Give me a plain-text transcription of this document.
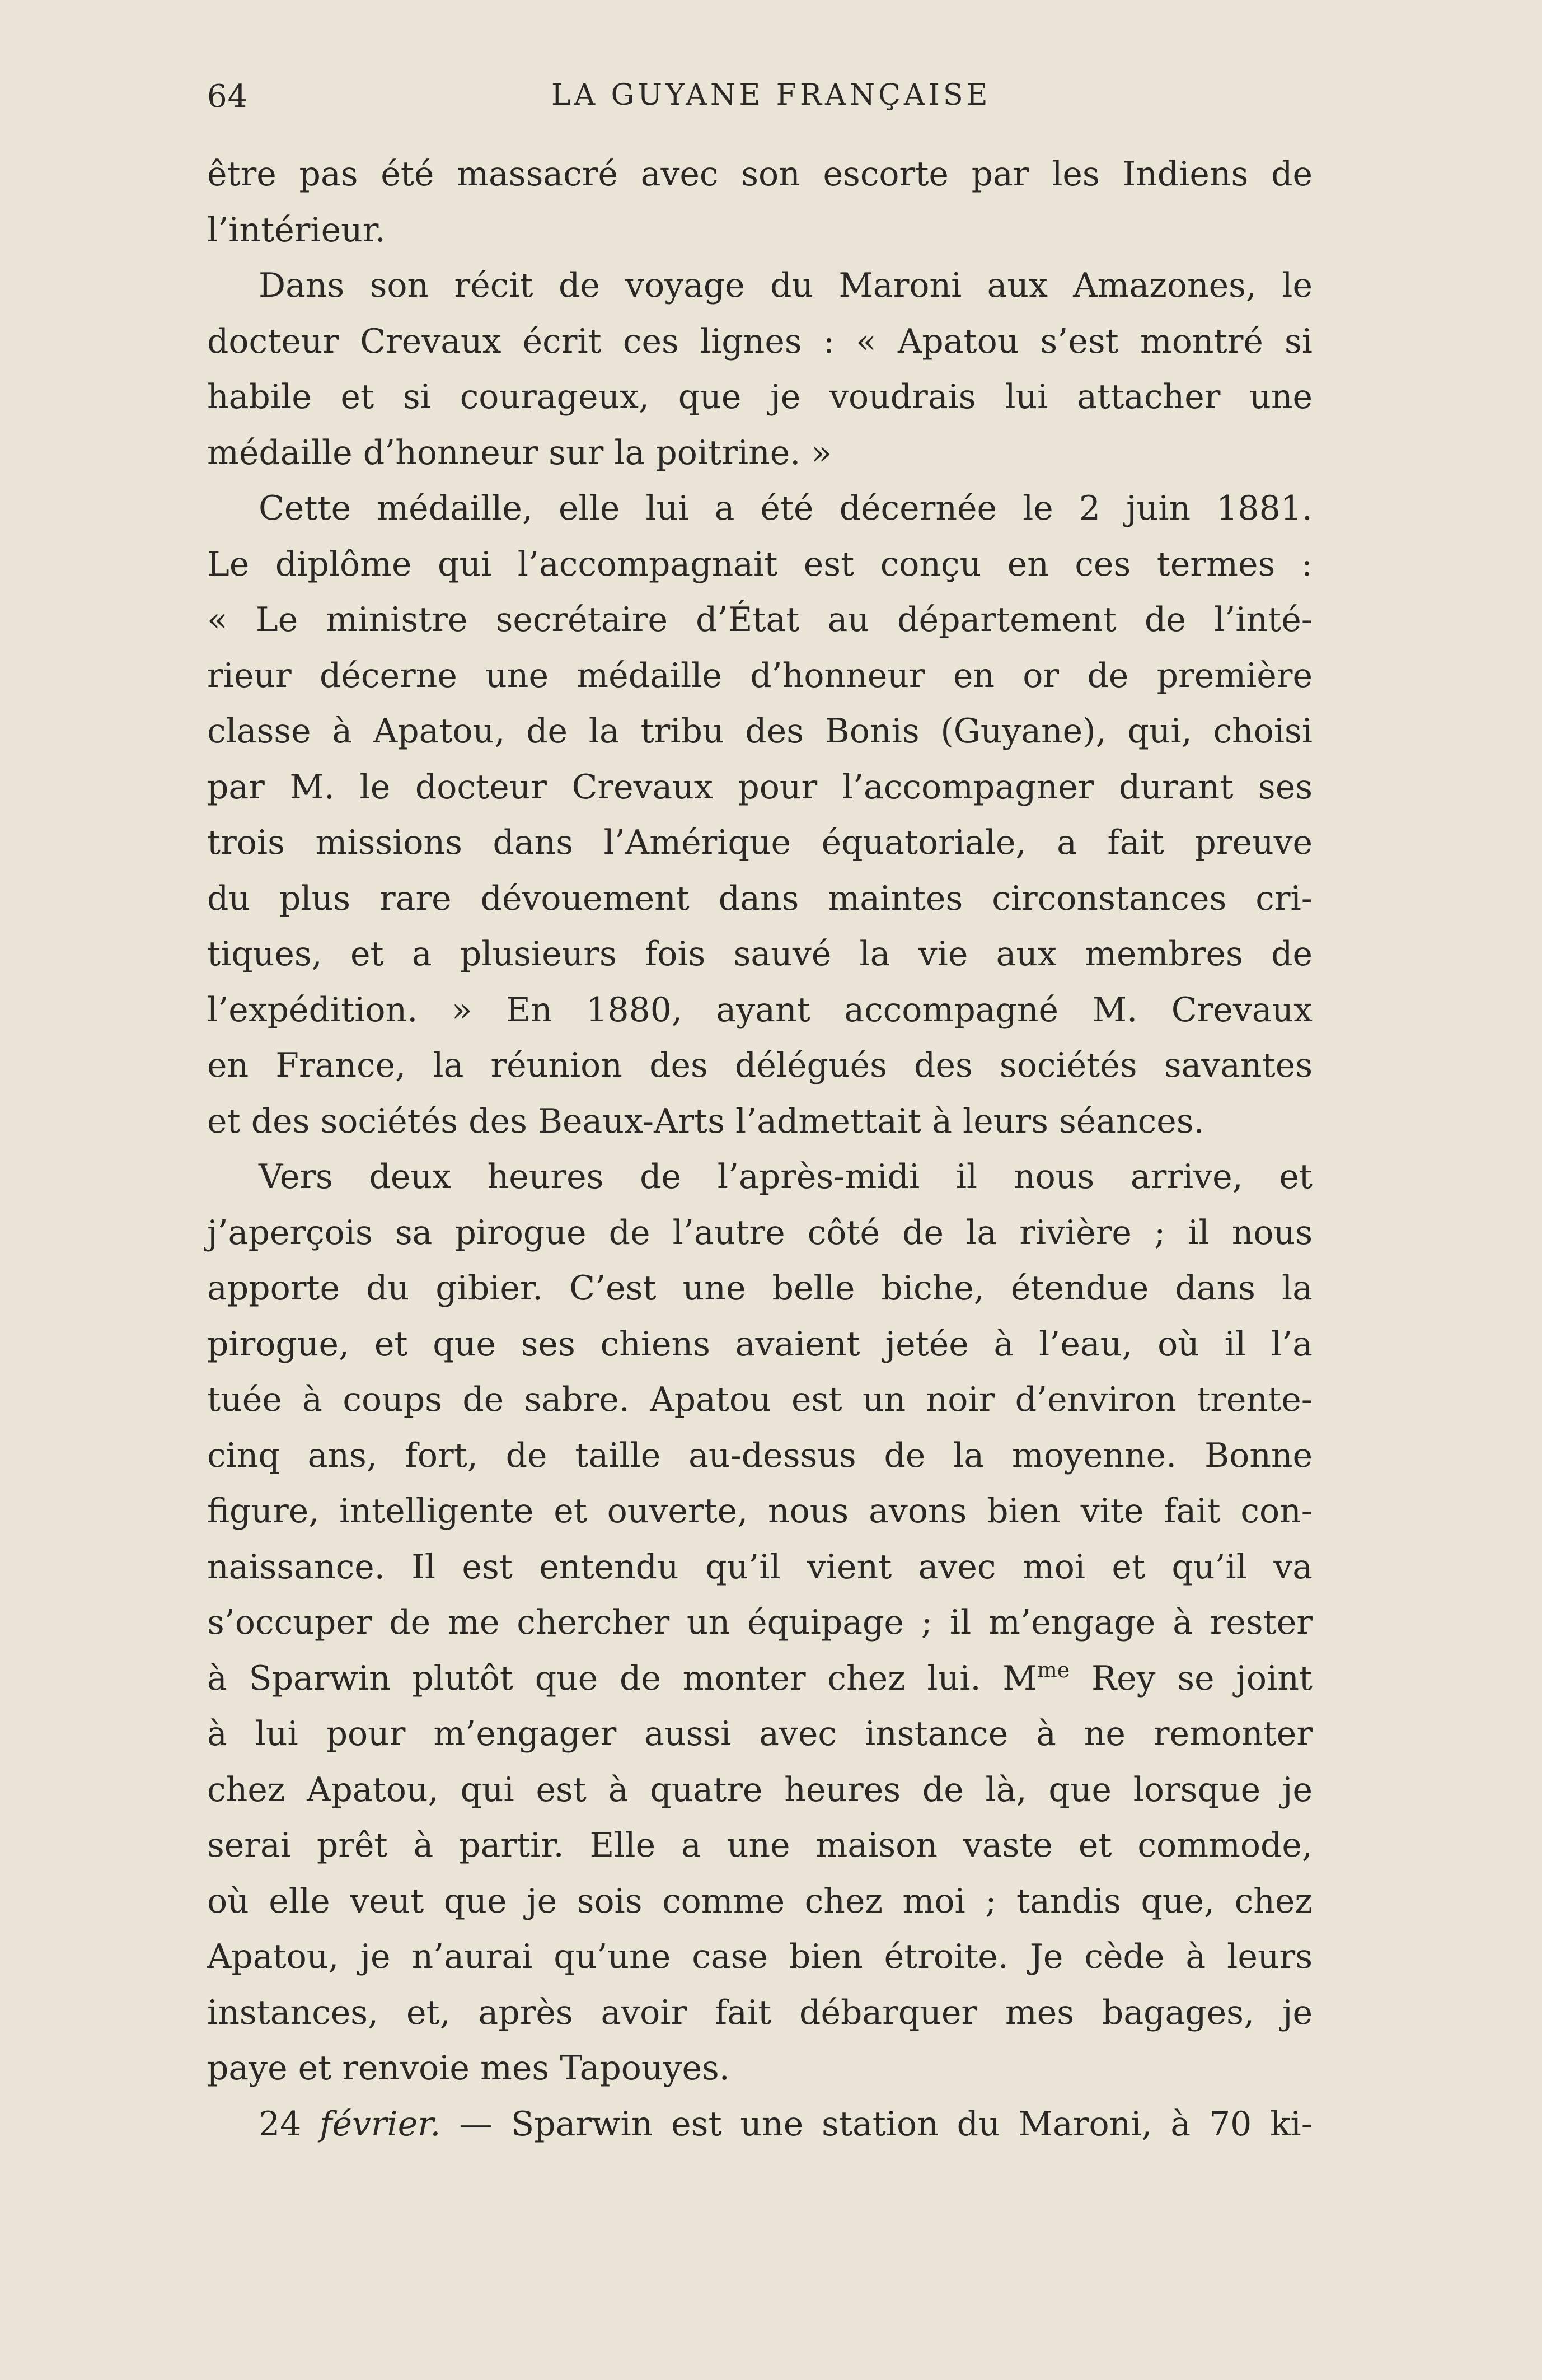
64	LA GUYANE FRANÇAISE
être pas été massacré avec son escorte par les Indiens de
l’intérieur.
Dans son récit de voyage du Maroni aux Amazones, le
docteur Crevaux écrit ces lignes : « Apatou s’est montré si
habile et si courageux, que je voudrais lui attacher une
médaille d’honneur sur la poitrine. »
Cette médaille, elle lui a été décernée le 2 juin 1881.
Le diplôme qui l’accompagnait est conçu en ces termes :
« Le ministre secrétaire d’État au département de l’inté-
rieur décerne une médaille d’honneur en or de première
classe à Apatou, de la tribu des Bonis (Guyane), qui, choisi
par M. le docteur Crevaux pour l’accompagner durant ses
trois missions dans l’Amérique équatoriale, a fait preuve
du plus rare dévouement dans maintes circonstances cri-
tiques, et a plusieurs fois sauvé la vie aux membres de
l’expédition. » En 1880, ayant accompagné M. Crevaux
en France, la réunion des délégués des sociétés savantes
et des sociétés des Beaux-Arts l’admettait à leurs séances.
Vers deux heures de l’après-midi il nous arrive, et
j’aperçois sa pirogue de l’autre côté de la rivière ; il nous
apporte du gibier. C’est une belle biche, étendue dans la
pirogue, et que ses chiens avaient jetée à l’eau, où il l’a
tuée à coups de sabre. Apatou est un noir d’environ trente-
cinq ans, fort, de taille au-dessus de la moyenne. Bonne
figure, intelligente et ouverte, nous avons bien vite fait con-
naissance. Il est entendu qu’il vient avec moi et qu’il va
s’occuper de me chercher un équipage ; il m’engage à rester
à Sparwin plutôt que de monter chez lui. $M^{me}$ Rey se joint
à lui pour m’engager aussi avec instance à ne remonter
chez Apatou, qui est à quatre heures de là, que lorsque je
serai prêt à partir. Elle a une maison vaste et commode,
où elle veut que je sois comme chez moi ; tandis que, chez
Apatou, je n’aurai qu’une case bien étroite. Je cède à leurs
instances, et, après avoir fait débarquer mes bagages, je
paye et renvoie mes Tapouyes.
24 février. — Sparwin est une station du Maroni, à 70 ki-
